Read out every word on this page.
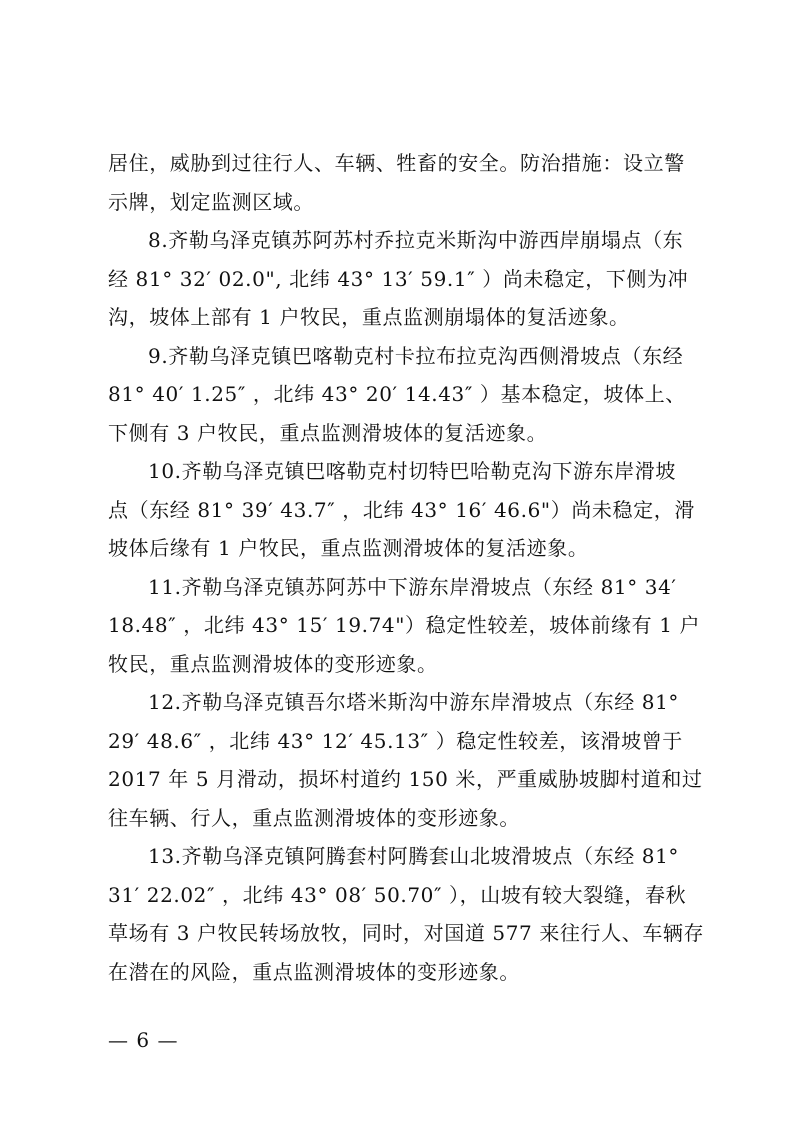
居住，威胁到过往行人、车辆、牲畜的安全。防治措施：设立警
示牌，划定监测区域。
8.齐勒乌泽克镇苏阿苏村乔拉克米斯沟中游西岸崩塌点（东
经 81° 32′ 02.0", 北纬 43° 13′ 59.1″ ）尚未稳定，下侧为冲
沟，坡体上部有 1 户牧民，重点监测崩塌体的复活迹象。
9.齐勒乌泽克镇巴喀勒克村卡拉布拉克沟西侧滑坡点（东经
81° 40′ 1.25″ ，北纬 43° 20′ 14.43″ ）基本稳定，坡体上、
下侧有 3 户牧民，重点监测滑坡体的复活迹象。
10.齐勒乌泽克镇巴喀勒克村切特巴哈勒克沟下游东岸滑坡
点（东经 81° 39′ 43.7″ ，北纬 43° 16′ 46.6"）尚未稳定，滑
坡体后缘有 1 户牧民，重点监测滑坡体的复活迹象。
11.齐勒乌泽克镇苏阿苏中下游东岸滑坡点（东经 81° 34′
18.48″ ，北纬 43° 15′ 19.74"）稳定性较差，坡体前缘有 1 户
牧民，重点监测滑坡体的变形迹象。
12.齐勒乌泽克镇吾尔塔米斯沟中游东岸滑坡点（东经 81°
29′ 48.6″ ，北纬 43° 12′ 45.13″ ）稳定性较差，该滑坡曾于
2017 年 5 月滑动，损坏村道约 150 米，严重威胁坡脚村道和过
往车辆、行人，重点监测滑坡体的变形迹象。
13.齐勒乌泽克镇阿腾套村阿腾套山北坡滑坡点（东经 81°
31′ 22.02″ ，北纬 43° 08′ 50.70″ ），山坡有较大裂缝，春秋
草场有 3 户牧民转场放牧，同时，对国道 577 来往行人、车辆存
在潜在的风险，重点监测滑坡体的变形迹象。
— 6 —
